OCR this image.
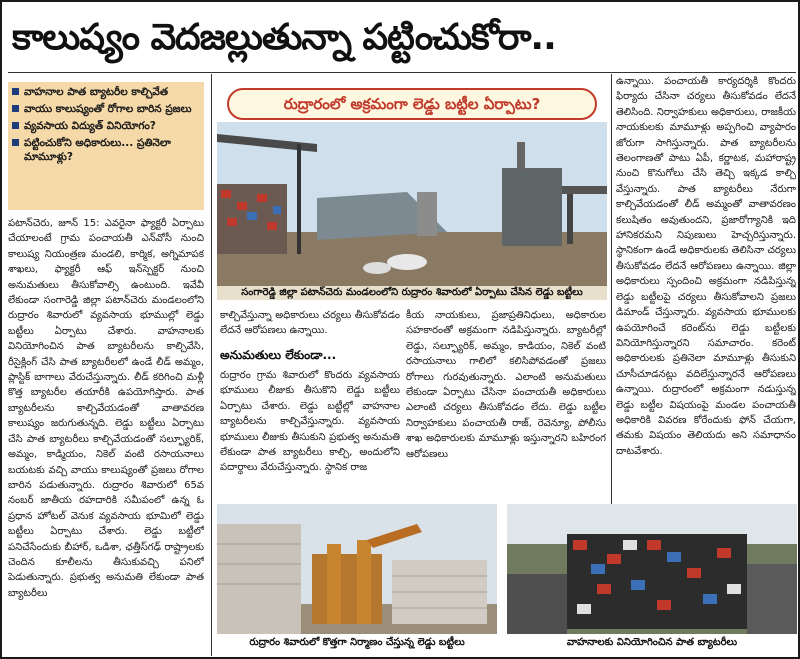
కాలుష్యం వెదజల్లుతున్నా పట్టించుకోరా..
వాహనాల పాత బ్యాటరీల కాల్చివేత
వాయు కాలుష్యంతో రోగాల బారిన ప్రజలు
వ్యవసాయ విద్యుత్‌ వినియోగం?
పట్టించుకోని అధికారులు... ప్రతినెలా మామూళ్లు?
పటాన్‌చెరు, జూన్‌ 15: ఎవరైనా ఫ్యాక్టరీ ఏర్పాటు చేయాలంటే గ్రామ పంచాయతీ ఎన్‌వోసీ నుంచి కాలుష్య నియంత్రణ మండలి, కార్మిక, అగ్నిమాపక శాఖలు, ఫ్యాక్టరీ ఆఫ్‌ ఇన్‌స్పెక్టర్‌ నుంచి అనుమతులు తీసుకోవాల్సి ఉంటుంది. ఇవేవీ లేకుండా సంగారెడ్డి జిల్లా పటాన్‌చెరు మండలంలోని రుద్రారం శివారులో వ్యవసాయ భూముల్లో లెడ్డు బట్టీలు ఏర్పాటు చేశారు. వాహనాలకు వినియోగించిన పాత బ్యాటరీలను కాల్చివేసి, రీసైక్లింగ్‌ చేసి పాత బ్యాటరీలలో ఉండే లీడ్‌ అమ్మం, ప్లాస్టిక్‌ బాగాలు వేరుచేస్తున్నారు. లీడ్‌ కరిగించి మళ్లీ కొత్త బ్యాటరీల తయారీకి ఉపయోగిస్తారు. పాత బ్యాటరీలను కాల్చివేయడంతో వాతావరణ కాలుష్యం జరుగుతున్నది. లెడ్డు బట్టీలు ఏర్పాటు చేసి పాత బ్యాటరీలు కాల్చివేయడంతో సల్ఫ్యూరిక్‌, అమ్మం, కాడ్మియం, నికెల్‌ వంటి రసాయనాలు బయటకు వచ్చి వాయు కాలుష్యంతో ప్రజలు రోగాల బారిన పడుతున్నారు. రుద్రారం శివారులో 65వ నంబర్‌ జాతీయ రహదారికి సమీపంలో ఉన్న ఓ ప్రధాన హోటల్‌ వెనుక వ్యవసాయ భూమిలో లెడ్డు బట్టీలు ఏర్పాటు చేశారు. లెడ్డు బట్టీలో పనిచేసేందుకు బీహార్‌, ఒడిశా, ఛత్తీస్‌గఢ్‌ రాష్ట్రాలకు చెందిన కూలీలను తీసుకువచ్చి పనిలో పెడుతున్నారు. ప్రభుత్వ అనుమతి లేకుండా పాత బ్యాటరీలు
రుద్రారంలో అక్రమంగా లెడ్డు బట్టీల ఏర్పాటు?
సంగారెడ్డి జిల్లా పటాన్‌చెరు మండలంలోని రుద్రారం శివారులో ఏర్పాటు చేసిన లెడ్డు బట్టీలు
కాల్చివేస్తున్నా అధికారులు చర్యలు తీసుకోవడం లేదనే ఆరోపణలు ఉన్నాయి.
రుద్రారం గ్రామ శివారులో కొందరు వ్యవసాయ భూములు లీజుకు తీసుకొని లెడ్డు బట్టీలు ఏర్పాటు చేశారు. లెడ్డు బట్టీల్లో వాహనాల బ్యాటరీలను కాల్చివేస్తున్నారు. వ్యవసాయ భూములు లీజుకు తీసుకుని ప్రభుత్వ అనుమతి లేకుండా పాత బ్యాటరీలు కాల్చి, అందులోని పదార్థాలు వేరుచేస్తున్నారు. స్థానిక రాజ
అనుమతులు లేకుండా...
కీయ నాయకులు, ప్రజాప్రతినిధులు, అధికారుల సహకారంతో అక్రమంగా నడిపిస్తున్నారు. బ్యాటరీల్లో లెడ్డు, సల్ఫ్యూరిక్‌, అమ్మం, కాడియం, నికెల్‌ వంటి రసాయనాలు గాలిలో కలిసిపోవడంతో ప్రజలు రోగాలు గురవుతున్నారు. ఎలాంటి అనుమతులు లేకుండా ఏర్పాటు చేసినా పంచాయతీ అధికారులు ఎలాంటి చర్యలు తీసుకోవడం లేదు. లెడ్డు బట్టీల నిర్వాహకులు పంచాయతీ రాజ్‌, రెవెన్యూ, పోలీసు శాఖ అధికారులకు మామూళ్లు ఇస్తున్నారని బహిరంగ ఆరోపణలు
ఉన్నాయి. పంచాయతీ కార్యదర్శికి కొందరు ఫిర్యాదు చేసినా చర్యలు తీసుకోవడం లేదనే తెలిసింది. నిర్వాహకులు అధికారులు, రాజకీయ నాయకులకు మామూళ్లు అప్పగించి వ్యాపారం జోరుగా సాగిస్తున్నారు. పాత బ్యాటరీలను తెలంగాణతో పాటు ఏపీ, కర్ణాటక, మహారాష్ట్ర నుంచి కొనుగోలు చేసి తెచ్చి ఇక్కడ కాల్చి వేస్తున్నారు. పాత బ్యాటరీలు నేరుగా కాల్చివేయడంతో లీడ్‌ అమ్మంతో వాతావరణం కలుషితం అవుతుందని, ప్రజారోగ్యానికి ఇది హానికరమని నిపుణులు హెచ్చరిస్తున్నారు. స్థానికంగా ఉండే అధికారులకు తెలిసినా చర్యలు తీసుకోవడం లేదనే ఆరోపణలు ఉన్నాయి. జిల్లా అధికారులు స్పందించి అక్రమంగా నడిపిస్తున్న లెడ్డు బట్టీలపై చర్యలు తీసుకోవాలని ప్రజలు డిమాండ్‌ చేస్తున్నారు. వ్యవసాయ భూములకు ఉపయోగించే కరెంట్‌ను లెడ్డు బట్టీలకు వినియోగిస్తున్నారని సమాచారం. కరెంట్‌ అధికారులకు ప్రతినెలా మామూళ్లు తీసుకుని చూసీచూడనట్లు వదిలేస్తున్నారనే ఆరోపణలు ఉన్నాయి. రుద్రారంలో అక్రమంగా నడుస్తున్న లెడ్డు బట్టీల విషయంపై మండల పంచాయతీ అధికారికి వివరణ కోరేందుకు ఫోన్‌ చేయగా, తమకు విషయం తెలియదు అని సమాధానం దాటవేశారు.
రుద్రారం శివారులో కొత్తగా నిర్మాణం చేస్తున్న లెడ్డు బట్టీలు	వాహనాలకు వినియోగించిన పాత బ్యాటరీలు
